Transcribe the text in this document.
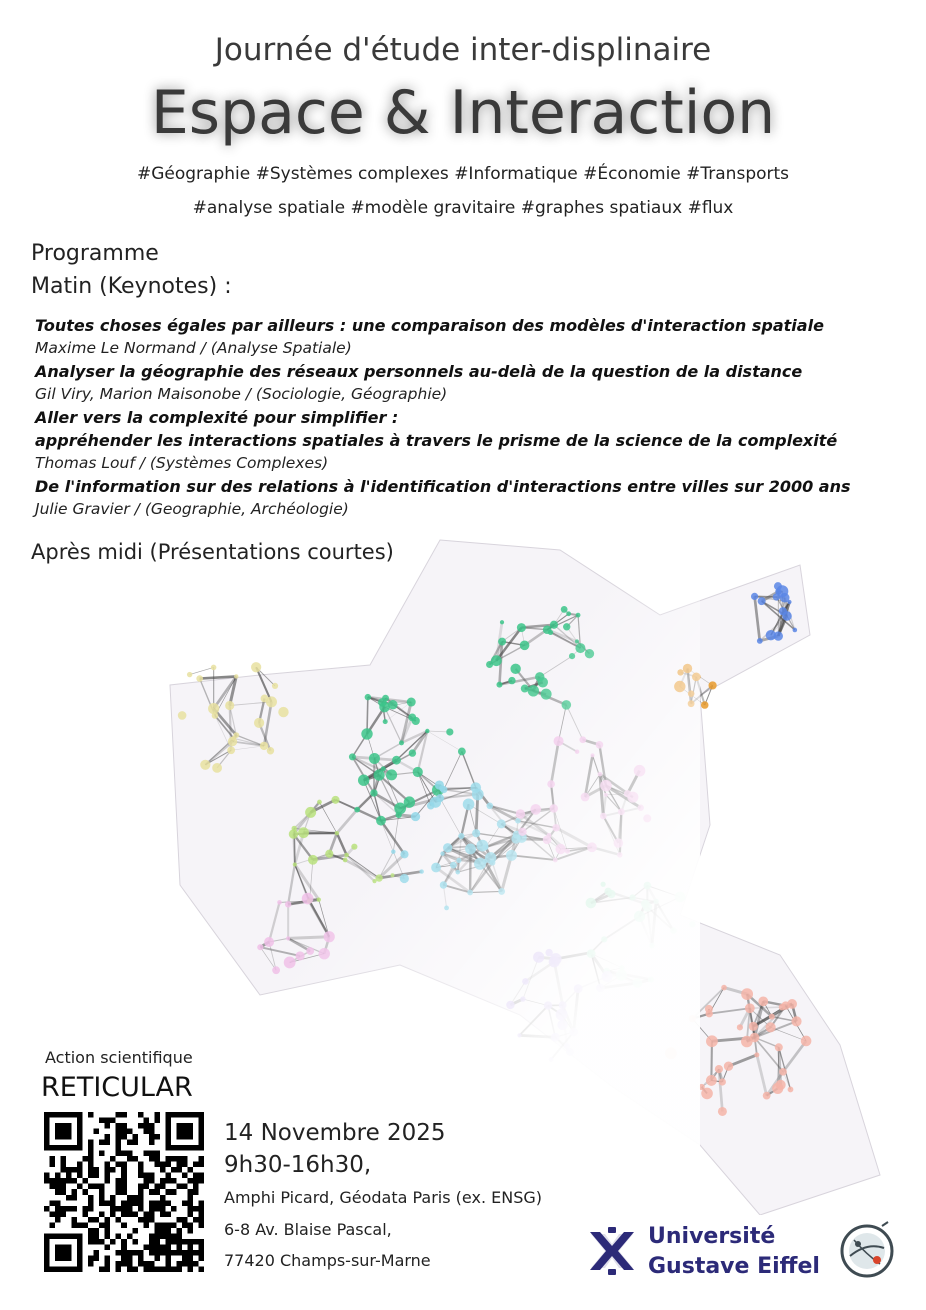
Journée d'étude inter-displinaire
Espace & Interaction
#Géographie #Systèmes complexes #Informatique #Économie #Transports
#analyse spatiale #modèle gravitaire #graphes spatiaux #flux
Programme
Matin (Keynotes) :
Toutes choses égales par ailleurs : une comparaison des modèles d'interaction spatiale
Maxime Le Normand / (Analyse Spatiale)
Analyser la géographie des réseaux personnels au-delà de la question de la distance
Gil Viry, Marion Maisonobe / (Sociologie, Géographie)
Aller vers la complexité pour simplifier :
appréhender les interactions spatiales à travers le prisme de la science de la complexité
Thomas Louf / (Systèmes Complexes)
De l'information sur des relations à l'identification d'interactions entre villes sur 2000 ans
Julie Gravier / (Geographie, Archéologie)
Après midi (Présentations courtes)
Action scientifique
RETICULAR
14 Novembre 2025
9h30-16h30,
Amphi Picard, Géodata Paris (ex. ENSG)
6-8 Av. Blaise Pascal,
77420 Champs-sur-Marne
Université
Gustave Eiffel
